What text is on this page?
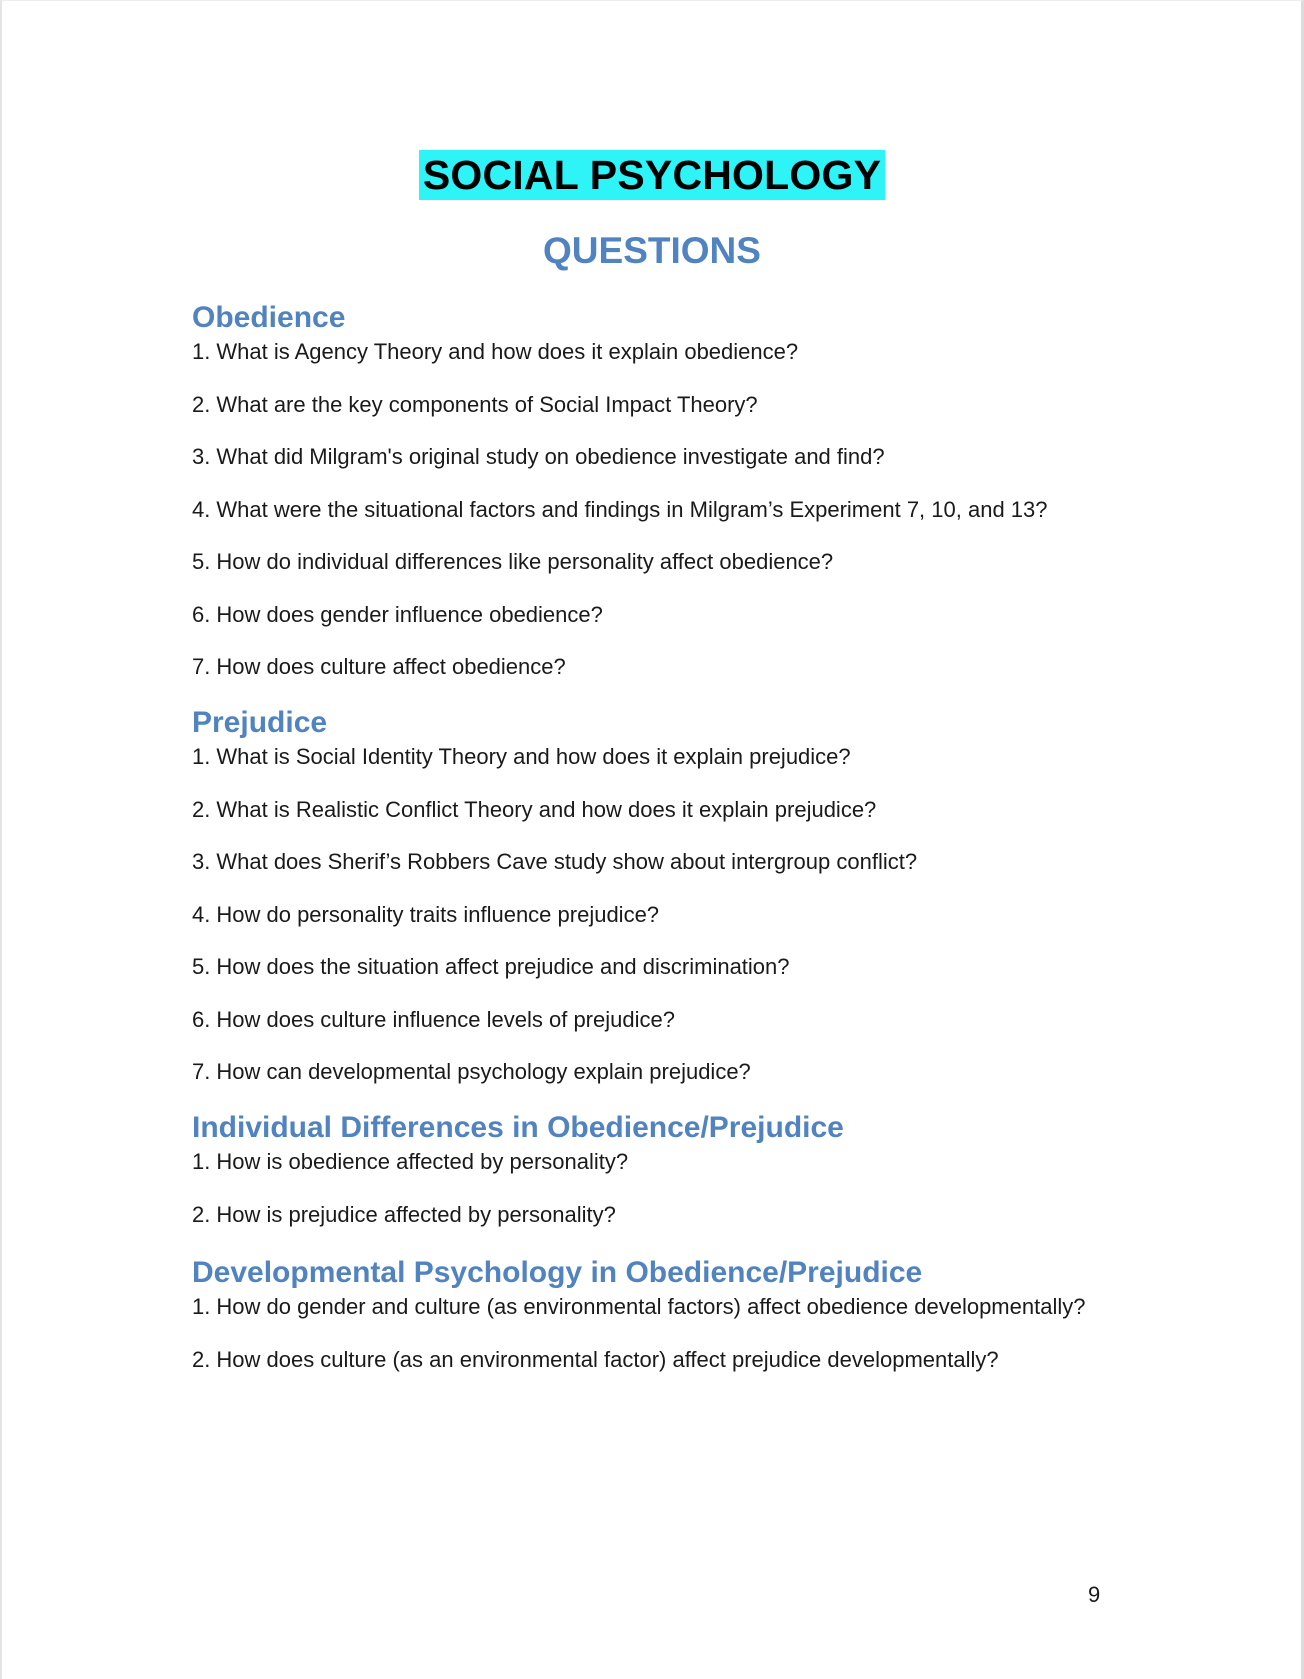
SOCIAL PSYCHOLOGY
QUESTIONS
Obedience
1. What is Agency Theory and how does it explain obedience?
2. What are the key components of Social Impact Theory?
3. What did Milgram's original study on obedience investigate and find?
4. What were the situational factors and findings in Milgram’s Experiment 7, 10, and 13?
5. How do individual differences like personality affect obedience?
6. How does gender influence obedience?
7. How does culture affect obedience?
Prejudice
1. What is Social Identity Theory and how does it explain prejudice?
2. What is Realistic Conflict Theory and how does it explain prejudice?
3. What does Sherif’s Robbers Cave study show about intergroup conflict?
4. How do personality traits influence prejudice?
5. How does the situation affect prejudice and discrimination?
6. How does culture influence levels of prejudice?
7. How can developmental psychology explain prejudice?
Individual Differences in Obedience/Prejudice
1. How is obedience affected by personality?
2. How is prejudice affected by personality?
Developmental Psychology in Obedience/Prejudice
1. How do gender and culture (as environmental factors) affect obedience developmentally?
2. How does culture (as an environmental factor) affect prejudice developmentally?
9
